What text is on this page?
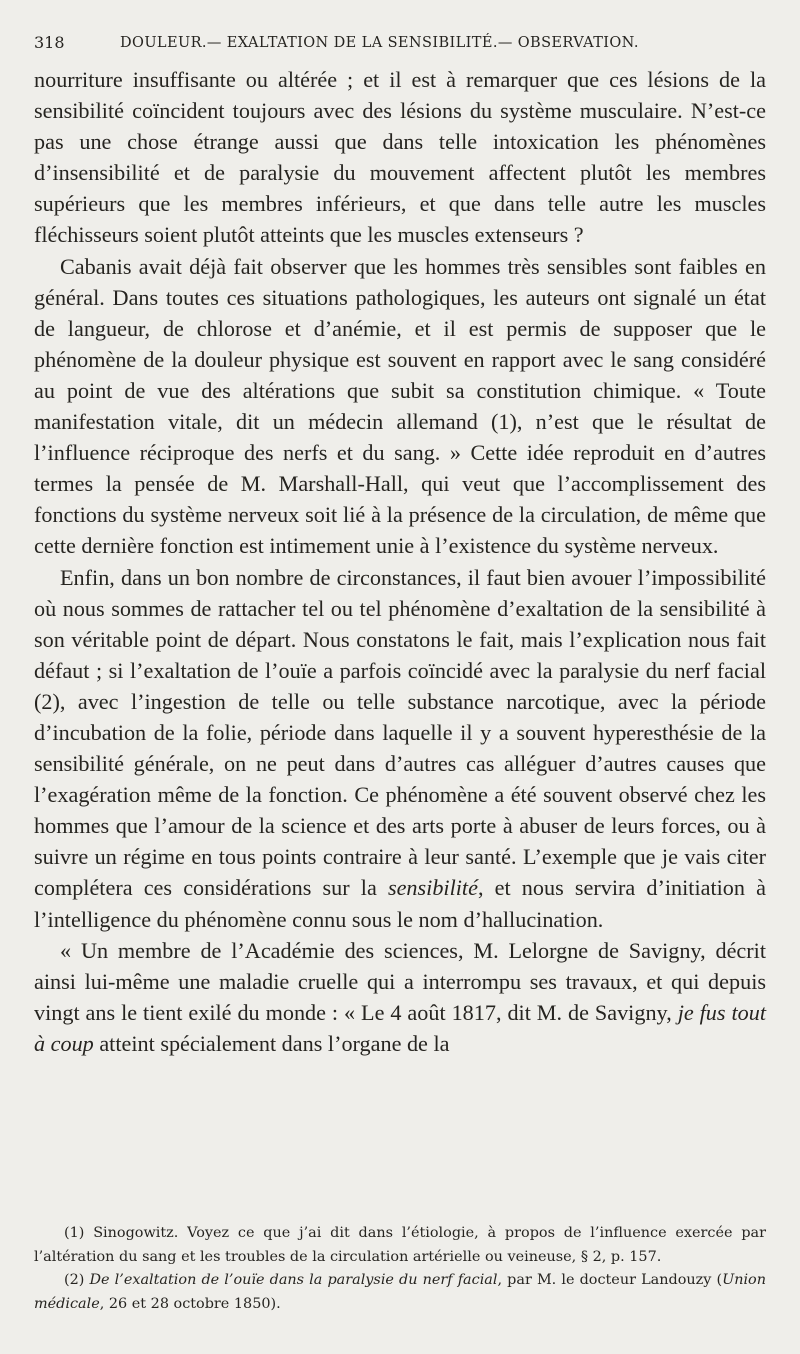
318	DOULEUR.— EXALTATION DE LA SENSIBILITÉ.— OBSERVATION.

nourriture insuffisante ou altérée ; et il est à remarquer que ces lésions de la sensibilité coïncident toujours avec des lésions du système musculaire. N’est-ce pas une chose étrange aussi que dans telle intoxication les phénomènes d’insensibilité et de paralysie du mouvement affectent plutôt les membres supérieurs que les membres inférieurs, et que dans telle autre les muscles fléchisseurs soient plutôt atteints que les muscles extenseurs ?

Cabanis avait déjà fait observer que les hommes très sensibles sont faibles en général. Dans toutes ces situations pathologiques, les auteurs ont signalé un état de langueur, de chlorose et d’anémie, et il est permis de supposer que le phénomène de la douleur physique est souvent en rapport avec le sang considéré au point de vue des altérations que subit sa constitution chimique. « Toute manifestation vitale, dit un médecin allemand (1), n’est que le résultat de l’influence réciproque des nerfs et du sang. » Cette idée reproduit en d’autres termes la pensée de M. Marshall-Hall, qui veut que l’accomplissement des fonctions du système nerveux soit lié à la présence de la circulation, de même que cette dernière fonction est intimement unie à l’existence du système nerveux.

Enfin, dans un bon nombre de circonstances, il faut bien avouer l’impossibilité où nous sommes de rattacher tel ou tel phénomène d’exaltation de la sensibilité à son véritable point de départ. Nous constatons le fait, mais l’explication nous fait défaut ; si l’exaltation de l’ouïe a parfois coïncidé avec la paralysie du nerf facial (2), avec l’ingestion de telle ou telle substance narcotique, avec la période d’incubation de la folie, période dans laquelle il y a souvent hyperesthésie de la sensibilité générale, on ne peut dans d’autres cas alléguer d’autres causes que l’exagération même de la fonction. Ce phénomène a été souvent observé chez les hommes que l’amour de la science et des arts porte à abuser de leurs forces, ou à suivre un régime en tous points contraire à leur santé. L’exemple que je vais citer complétera ces considérations sur la sensibilité, et nous servira d’initiation à l’intelligence du phénomène connu sous le nom d’hallucination.

« Un membre de l’Académie des sciences, M. Lelorgne de Savigny, décrit ainsi lui-même une maladie cruelle qui a interrompu ses travaux, et qui depuis vingt ans le tient exilé du monde : « Le 4 août 1817, dit M. de Savigny, je fus tout à coup atteint spécialement dans l’organe de la

(1) Sinogowitz. Voyez ce que j’ai dit dans l’étiologie, à propos de l’influence exercée par l’altération du sang et les troubles de la circulation artérielle ou veineuse, § 2, p. 157.

(2) De l’exaltation de l’ouïe dans la paralysie du nerf facial, par M. le docteur Landouzy (Union médicale, 26 et 28 octobre 1850).
